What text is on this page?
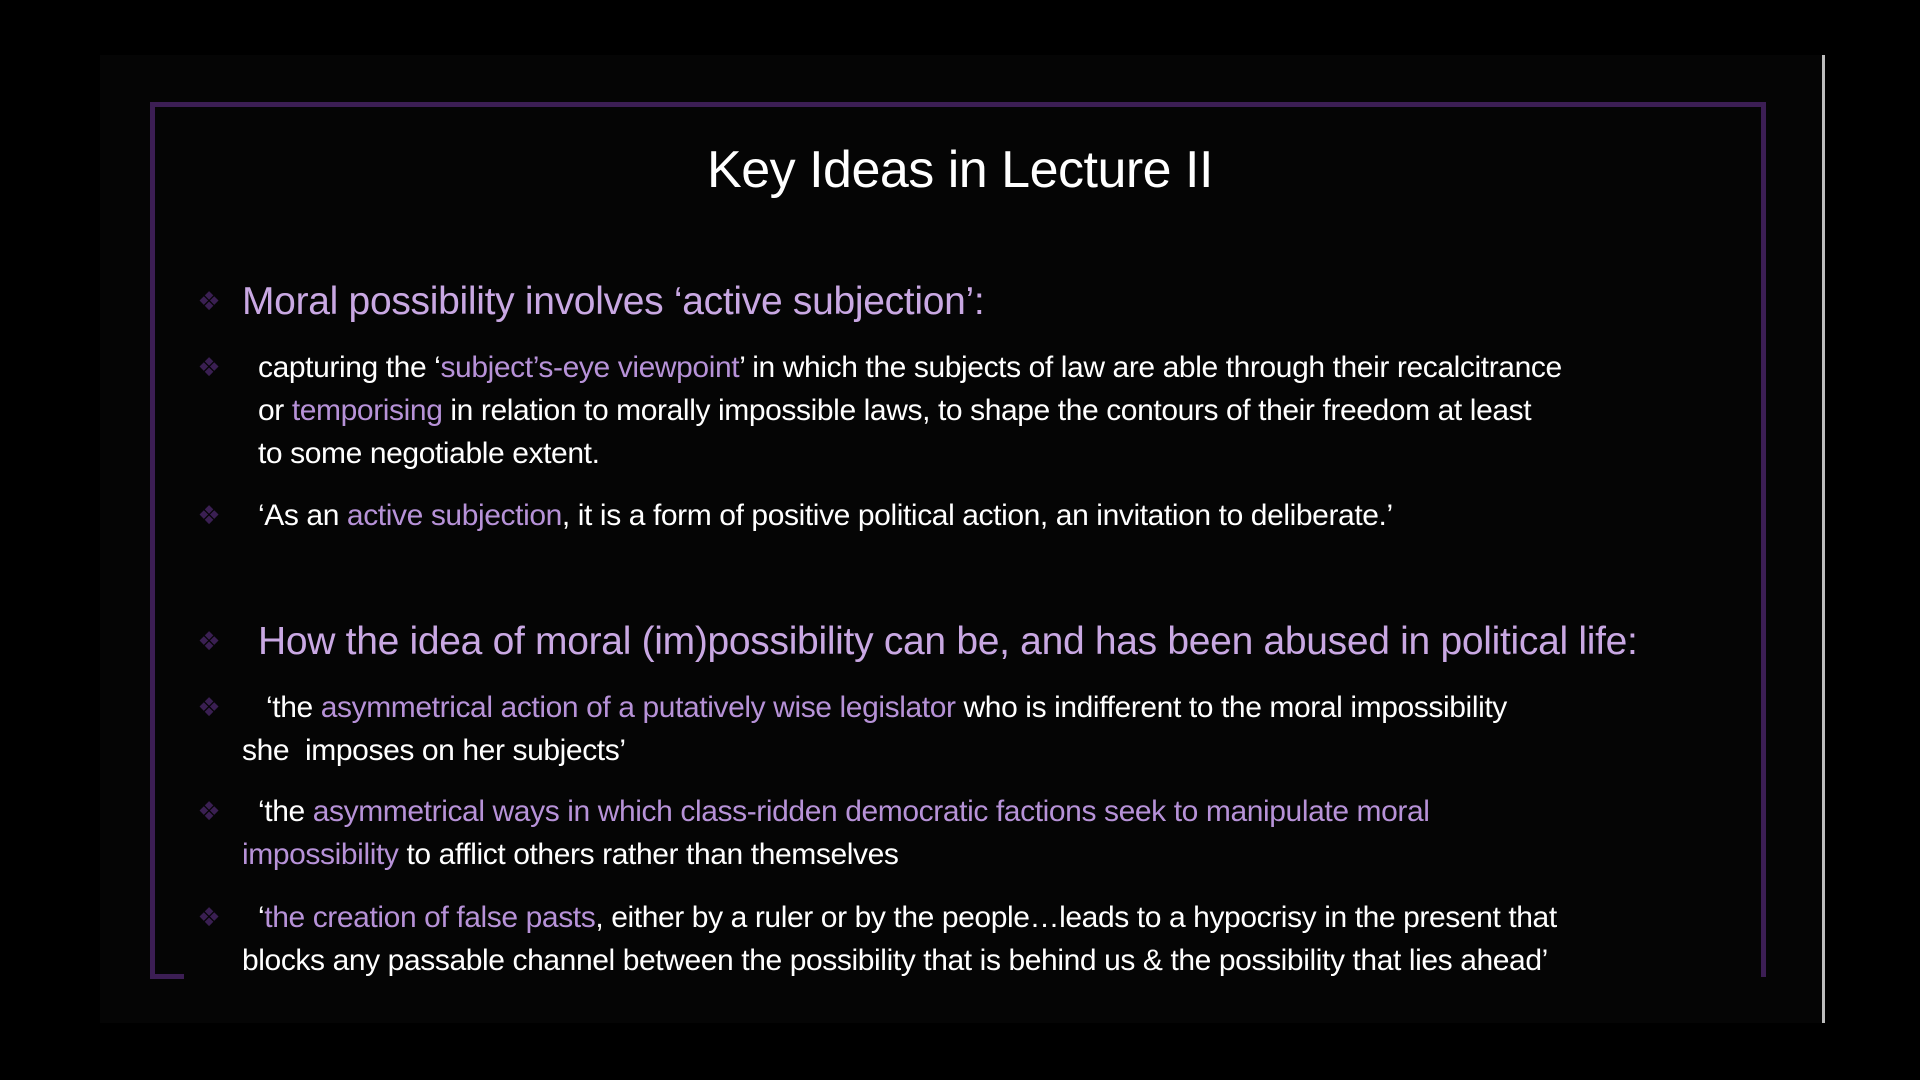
Key Ideas in Lecture II
❖ Moral possibility involves ‘active subjection’:
❖ capturing the ‘subject’s-eye viewpoint’ in which the subjects of law are able through their recalcitrance
or temporising in relation to morally impossible laws, to shape the contours of their freedom at least
to some negotiable extent.
❖ ‘As an active subjection, it is a form of positive political action, an invitation to deliberate.’
❖ How the idea of moral (im)possibility can be, and has been abused in political life:
❖	‘the asymmetrical action of a putatively wise legislator who is indifferent to the moral impossibility
she  imposes on her subjects’
❖	‘the asymmetrical ways in which class-ridden democratic factions seek to manipulate moral
impossibility to afflict others rather than themselves
❖	‘the creation of false pasts, either by a ruler or by the people…leads to a hypocrisy in the present that
blocks any passable channel between the possibility that is behind us & the possibility that lies ahead’
